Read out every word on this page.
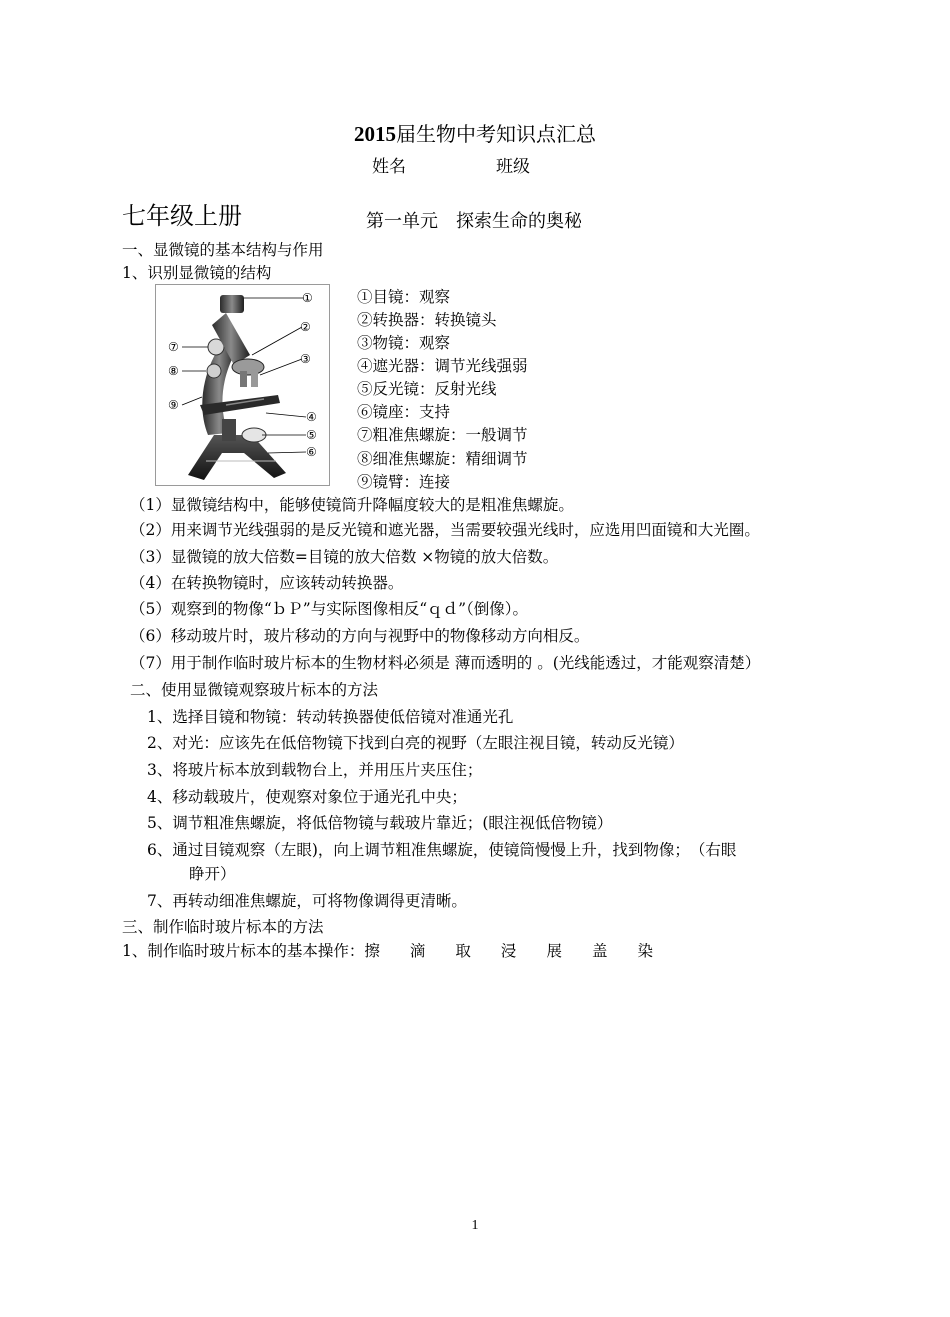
2015届生物中考知识点汇总
姓名	班级
七年级上册	第一单元　探索生命的奥秘
一、显微镜的基本结构与作用
1、识别显微镜的结构
①
②
③
④
⑤
⑥
⑦
⑧
⑨
①目镜：观察
②转换器：转换镜头
③物镜：观察
④遮光器：调节光线强弱
⑤反光镜：反射光线
⑥镜座：支持
⑦粗准焦螺旋：一般调节
⑧细准焦螺旋：精细调节
⑨镜臂：连接
（1）显微镜结构中，能够使镜筒升降幅度较大的是粗准焦螺旋。
（2）用来调节光线强弱的是反光镜和遮光器，当需要较强光线时，应选用凹面镜和大光圈。
（3）显微镜的放大倍数=目镜的放大倍数 ×物镜的放大倍数。
（4）在转换物镜时，应该转动转换器。
（5）观察到的物像“ｂＰ”与实际图像相反“ｑｄ”（倒像）。
（6）移动玻片时，玻片移动的方向与视野中的物像移动方向相反。
（7）用于制作临时玻片标本的生物材料必须是 薄而透明的 。(光线能透过，才能观察清楚）
二、使用显微镜观察玻片标本的方法
1、选择目镜和物镜：转动转换器使低倍镜对准通光孔
2、对光：应该先在低倍物镜下找到白亮的视野（左眼注视目镜，转动反光镜）
3、将玻片标本放到载物台上，并用压片夹压住；
4、移动载玻片，使观察对象位于通光孔中央；
5、调节粗准焦螺旋，将低倍物镜与载玻片靠近；(眼注视低倍物镜）
6、通过目镜观察（左眼)，向上调节粗准焦螺旋，使镜筒慢慢上升，找到物像；　（右眼
睁开）
7、再转动细准焦螺旋，可将物像调得更清晰。
三、制作临时玻片标本的方法
1、制作临时玻片标本的基本操作：擦 滴 取 浸 展 盖 染
1
